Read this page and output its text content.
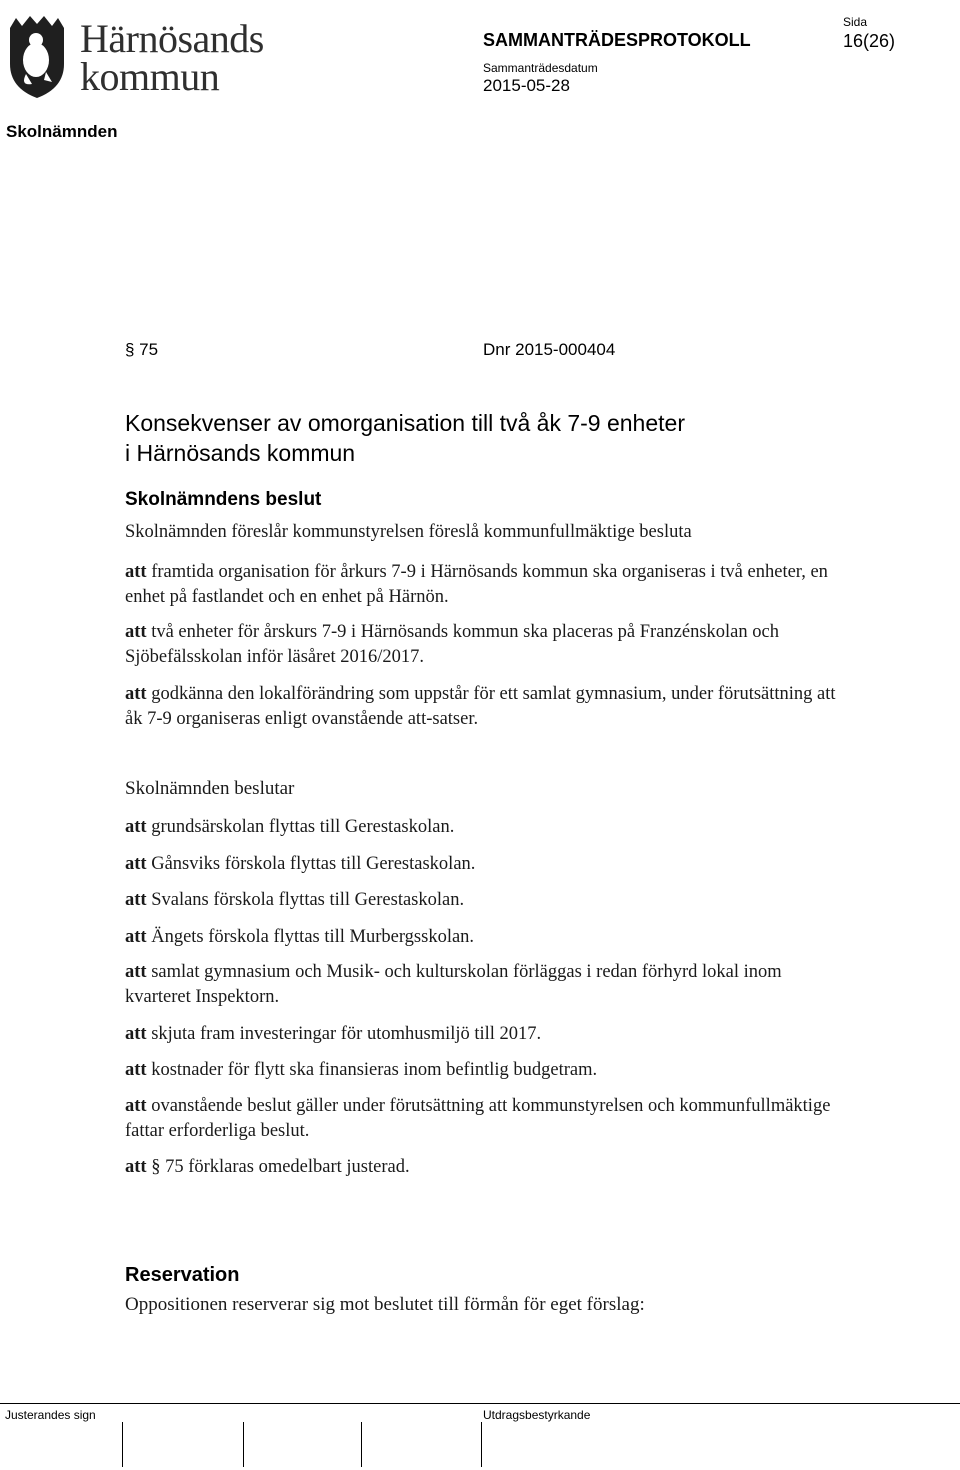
Härnösands
kommun
SAMMANTRÄDESPROTOKOLL
Sammanträdesdatum
2015-05-28
Sida
16(26)
Skolnämnden
§ 75	Dnr 2015-000404
Konsekvenser av omorganisation till två åk 7-9 enheter
i Härnösands kommun
Skolnämndens beslut
Skolnämnden föreslår kommunstyrelsen föreslå kommunfullmäktige besluta
att framtida organisation för årkurs 7-9 i Härnösands kommun ska organiseras i två enheter, en enhet på fastlandet och en enhet på Härnön.
att två enheter för årskurs 7-9 i Härnösands kommun ska placeras på Franzénskolan och Sjöbefälsskolan inför läsåret 2016/2017.
att godkänna den lokalförändring som uppstår för ett samlat gymnasium, under förutsättning att åk 7-9 organiseras enligt ovanstående att-satser.
Skolnämnden beslutar
att grundsärskolan flyttas till Gerestaskolan.
att Gånsviks förskola flyttas till Gerestaskolan.
att Svalans förskola flyttas till Gerestaskolan.
att Ängets förskola flyttas till Murbergsskolan.
att samlat gymnasium och Musik- och kulturskolan förläggas i redan förhyrd lokal inom kvarteret Inspektorn.
att skjuta fram investeringar för utomhusmiljö till 2017.
att kostnader för flytt ska finansieras inom befintlig budgetram.
att ovanstående beslut gäller under förutsättning att kommunstyrelsen och kommunfullmäktige fattar erforderliga beslut.
att § 75 förklaras omedelbart justerad.
Reservation
Oppositionen reserverar sig mot beslutet till förmån för eget förslag:
Justerandes sign	Utdragsbestyrkande
